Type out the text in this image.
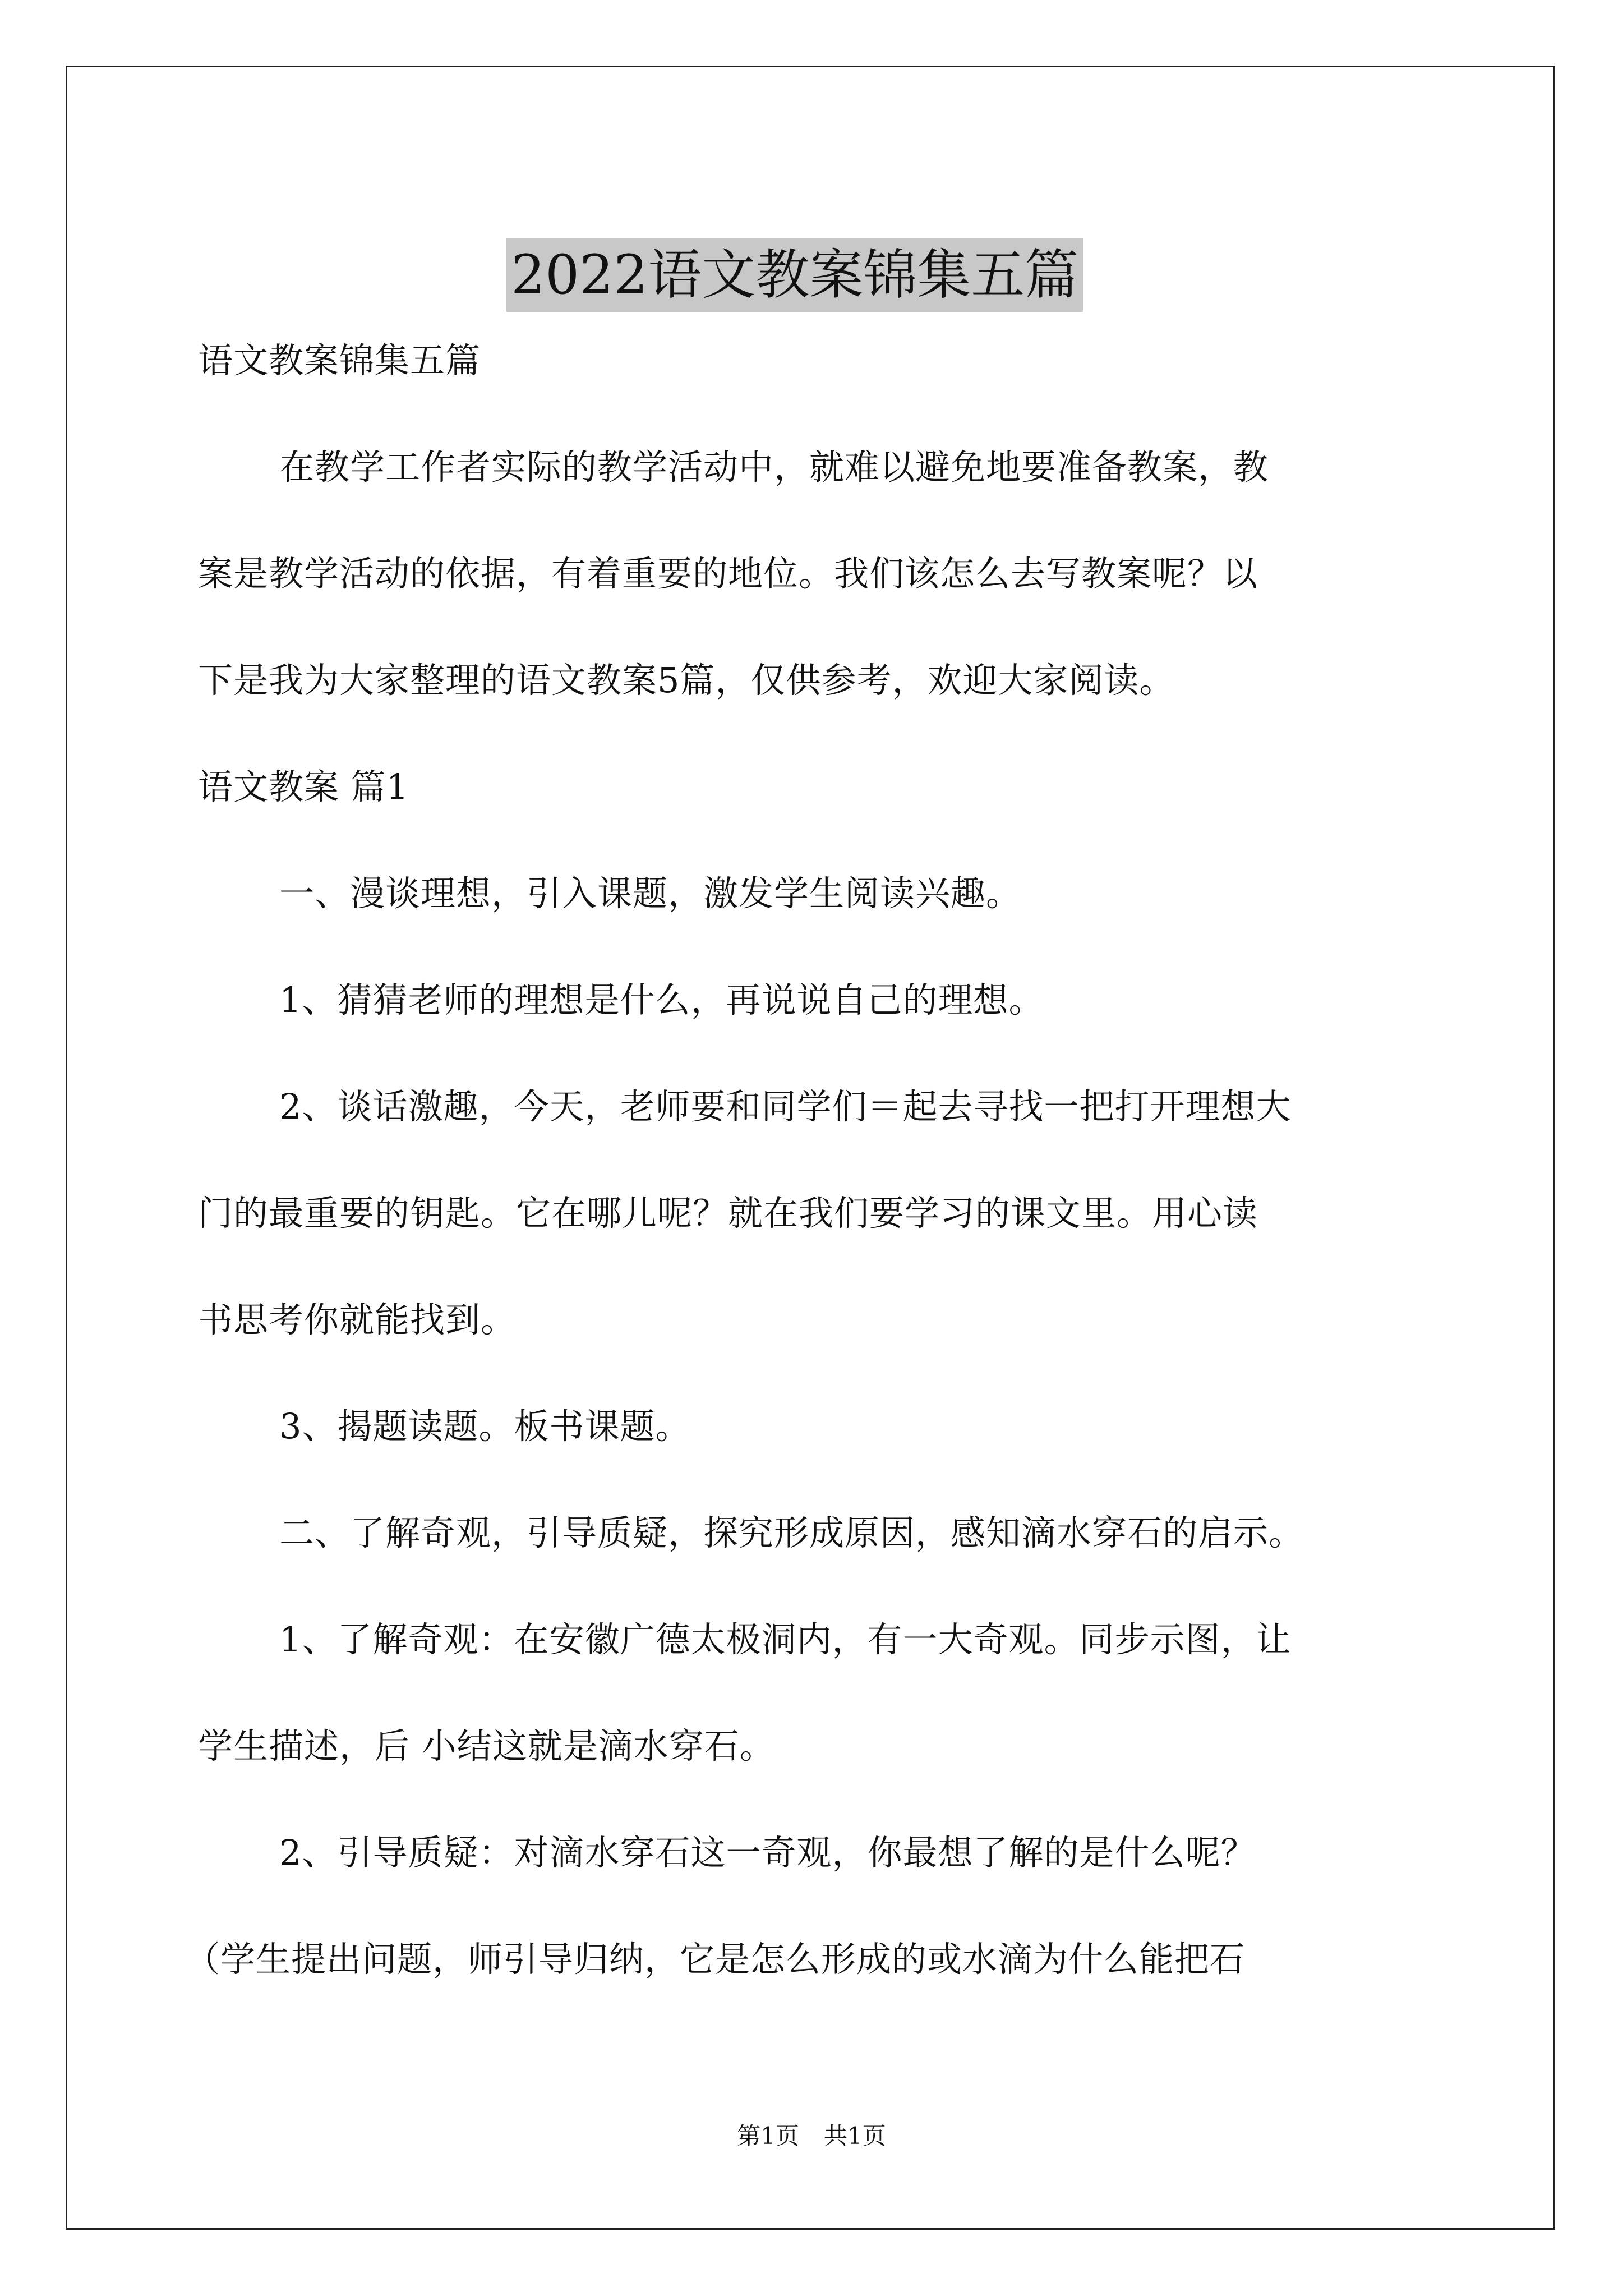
2022语文教案锦集五篇
语文教案锦集五篇
在教学工作者实际的教学活动中，就难以避免地要准备教案，教
案是教学活动的依据，有着重要的地位。我们该怎么去写教案呢？以
下是我为大家整理的语文教案5篇，仅供参考，欢迎大家阅读。
语文教案 篇1
一、漫谈理想，引入课题，激发学生阅读兴趣。
1、猜猜老师的理想是什么，再说说自己的理想。
2、谈话激趣，今天，老师要和同学们＝起去寻找一把打开理想大
门的最重要的钥匙。它在哪儿呢？就在我们要学习的课文里。用心读
书思考你就能找到。
3、揭题读题。板书课题。
二、了解奇观，引导质疑，探究形成原因，感知滴水穿石的启示。
1、了解奇观：在安徽广德太极洞内，有一大奇观。同步示图，让
学生描述，后 小结这就是滴水穿石。
2、引导质疑：对滴水穿石这一奇观，你最想了解的是什么呢？
（学生提出问题，师引导归纳，它是怎么形成的或水滴为什么能把石
第1页 共1页
